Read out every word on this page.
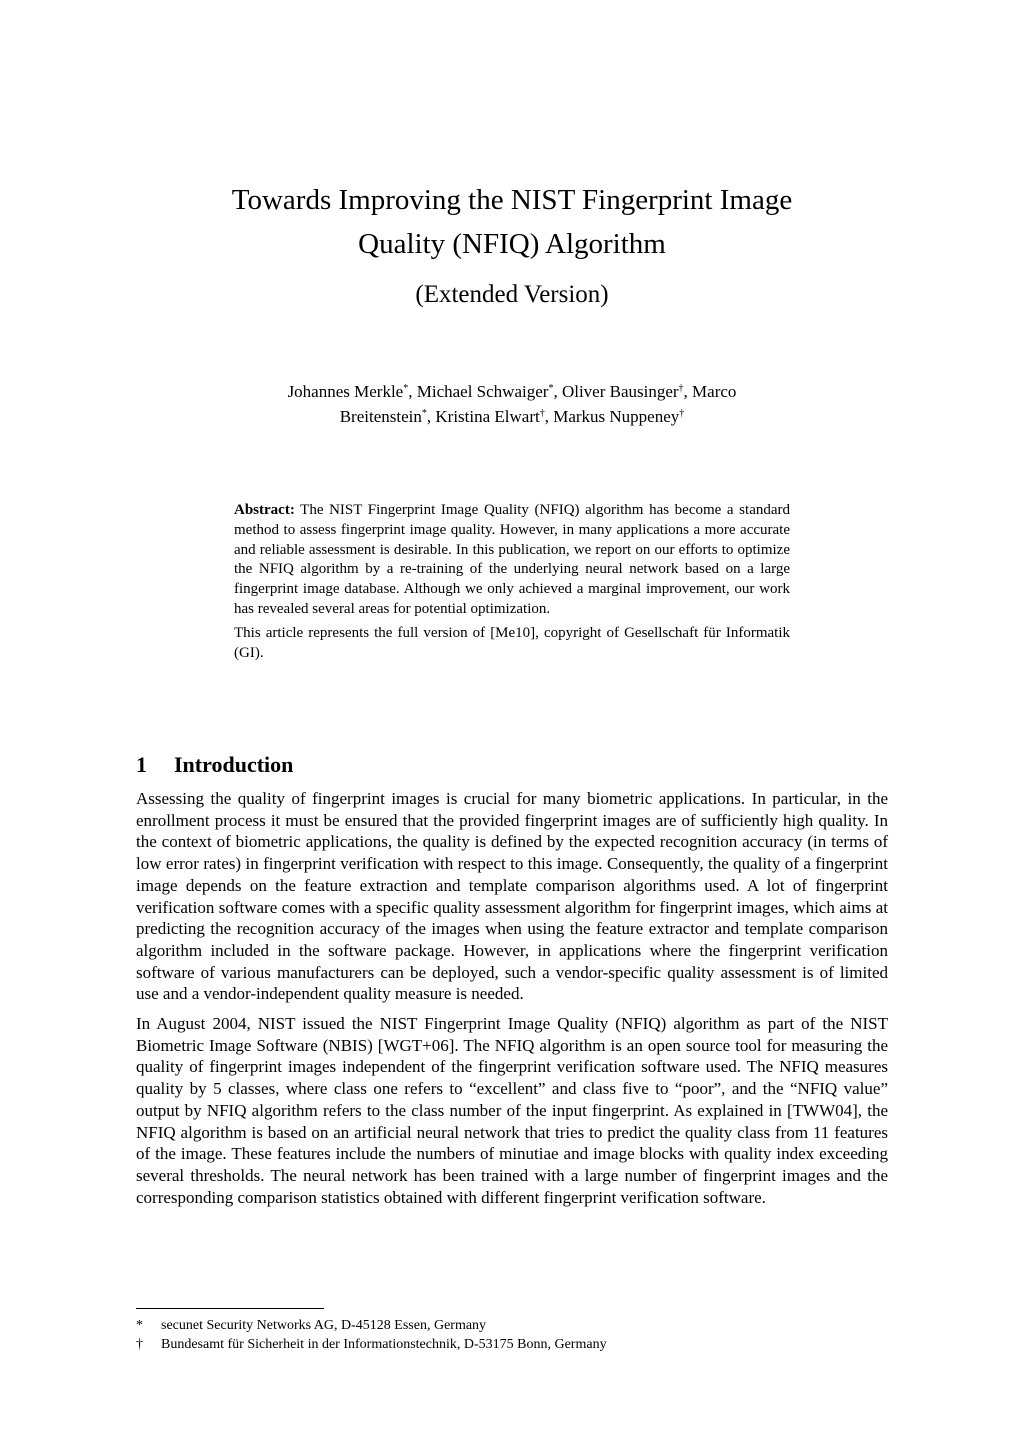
Towards Improving the NIST Fingerprint Image
Quality (NFIQ) Algorithm
(Extended Version)
Johannes Merkle*, Michael Schwaiger*, Oliver Bausinger†, Marco
Breitenstein*, Kristina Elwart†, Markus Nuppeney†

Abstract: The NIST Fingerprint Image Quality (NFIQ) algorithm has become a standard method to assess fingerprint image quality. However, in many applications a more accurate and reliable assessment is desirable. In this publication, we report on our efforts to optimize the NFIQ algorithm by a re-training of the underlying neural network based on a large fingerprint image database. Although we only achieved a marginal improvement, our work has revealed several areas for potential optimization.

This article represents the full version of [Me10], copyright of Gesellschaft für Informatik (GI).

1 Introduction

Assessing the quality of fingerprint images is crucial for many biometric applications. In particular, in the enrollment process it must be ensured that the provided fingerprint images are of sufficiently high quality. In the context of biometric applications, the quality is defined by the expected recognition accuracy (in terms of low error rates) in fingerprint verification with respect to this image. Consequently, the quality of a fingerprint image depends on the feature extraction and template comparison algorithms used. A lot of fingerprint verification software comes with a specific quality assessment algorithm for fingerprint images, which aims at predicting the recognition accuracy of the images when using the feature extractor and template comparison algorithm included in the software package. However, in applications where the fingerprint verification software of various manufacturers can be deployed, such a vendor-specific quality assessment is of limited use and a vendor-independent quality measure is needed.

In August 2004, NIST issued the NIST Fingerprint Image Quality (NFIQ) algorithm as part of the NIST Biometric Image Software (NBIS) [WGT+06]. The NFIQ algorithm is an open source tool for measuring the quality of fingerprint images independent of the fingerprint verification software used. The NFIQ measures quality by 5 classes, where class one refers to “excellent” and class five to “poor”, and the “NFIQ value” output by NFIQ algorithm refers to the class number of the input fingerprint. As explained in [TWW04], the NFIQ algorithm is based on an artificial neural network that tries to predict the quality class from 11 features of the image. These features include the numbers of minutiae and image blocks with quality index exceeding several thresholds. The neural network has been trained with a large number of fingerprint images and the corresponding comparison statistics obtained with different fingerprint verification software.

*	secunet Security Networks AG, D-45128 Essen, Germany
†	Bundesamt für Sicherheit in der Informationstechnik, D-53175 Bonn, Germany
